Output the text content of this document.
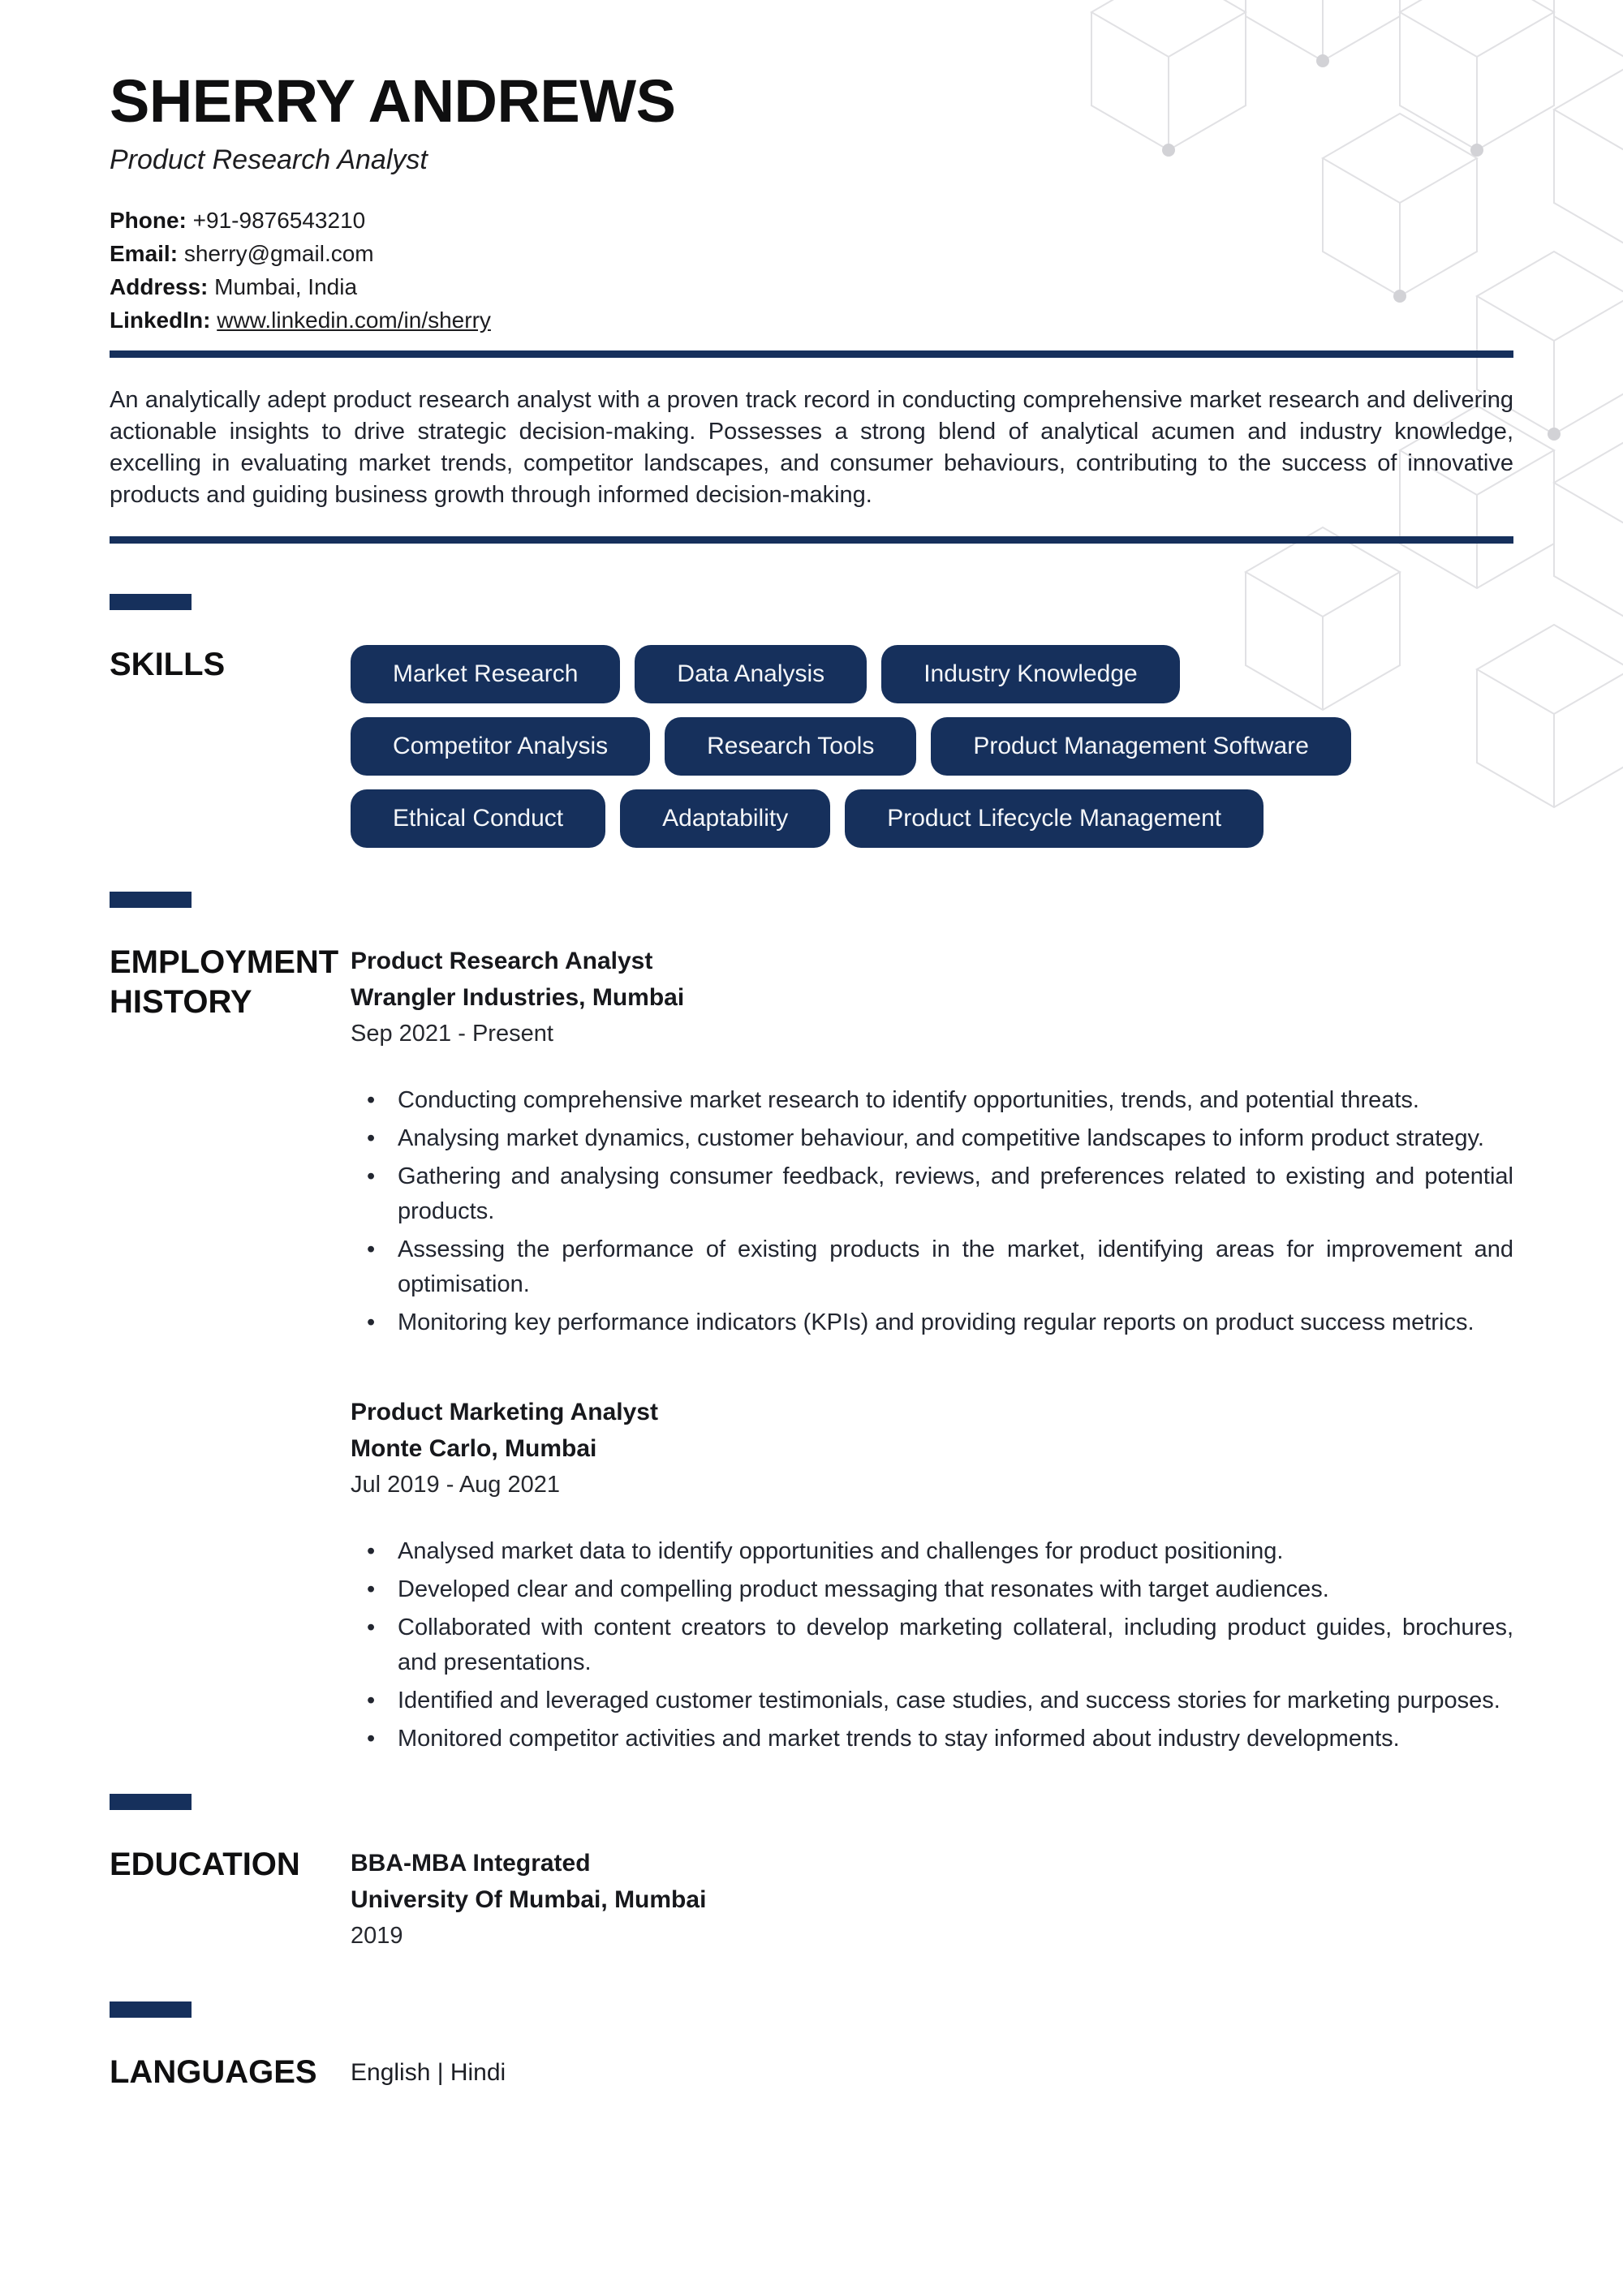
SHERRY ANDREWS
Product Research Analyst
Phone: +91-9876543210
Email: sherry@gmail.com
Address: Mumbai, India
LinkedIn: www.linkedin.com/in/sherry

An analytically adept product research analyst with a proven track record in conducting comprehensive market research and delivering actionable insights to drive strategic decision-making. Possesses a strong blend of analytical acumen and industry knowledge, excelling in evaluating market trends, competitor landscapes, and consumer behaviours, contributing to the success of innovative products and guiding business growth through informed decision-making.

SKILLS	Market Research	Data Analysis	Industry Knowledge
Competitor Analysis	Research Tools	Product Management Software
Ethical Conduct	Adaptability	Product Lifecycle Management
EMPLOYMENT
HISTORY
Product Research Analyst
Wrangler Industries, Mumbai
Sep 2021 - Present
• Conducting comprehensive market research to identify opportunities, trends, and potential threats.
• Analysing market dynamics, customer behaviour, and competitive landscapes to inform product strategy.
• Gathering and analysing consumer feedback, reviews, and preferences related to existing and potential products.
• Assessing the performance of existing products in the market, identifying areas for improvement and optimisation.
• Monitoring key performance indicators (KPIs) and providing regular reports on product success metrics.
Product Marketing Analyst
Monte Carlo, Mumbai
Jul 2019 - Aug 2021
• Analysed market data to identify opportunities and challenges for product positioning.
• Developed clear and compelling product messaging that resonates with target audiences.
• Collaborated with content creators to develop marketing collateral, including product guides, brochures, and presentations.
• Identified and leveraged customer testimonials, case studies, and success stories for marketing purposes.
• Monitored competitor activities and market trends to stay informed about industry developments.
EDUCATION	BBA-MBA Integrated
University Of Mumbai, Mumbai
2019
LANGUAGES	English | Hindi
